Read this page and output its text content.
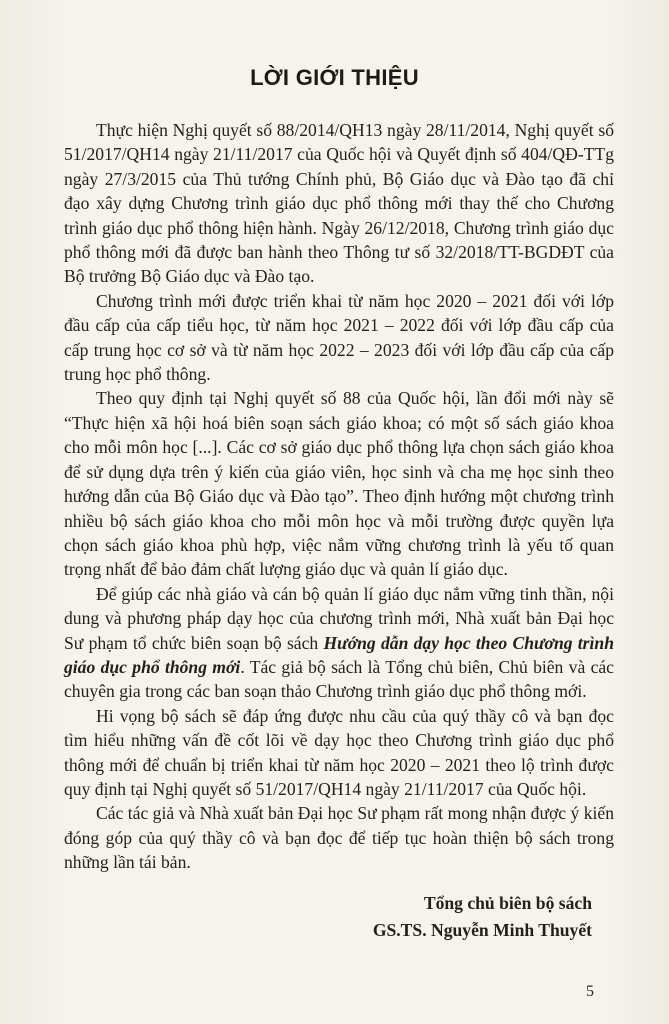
LỜI GIỚI THIỆU

Thực hiện Nghị quyết số 88/2014/QH13 ngày 28/11/2014, Nghị quyết số 51/2017/QH14 ngày 21/11/2017 của Quốc hội và Quyết định số 404/QĐ-TTg ngày 27/3/2015 của Thủ tướng Chính phủ, Bộ Giáo dục và Đào tạo đã chỉ đạo xây dựng Chương trình giáo dục phổ thông mới thay thế cho Chương trình giáo dục phổ thông hiện hành. Ngày 26/12/2018, Chương trình giáo dục phổ thông mới đã được ban hành theo Thông tư số 32/2018/TT-BGDĐT của Bộ trưởng Bộ Giáo dục và Đào tạo.

Chương trình mới được triển khai từ năm học 2020 – 2021 đối với lớp đầu cấp của cấp tiểu học, từ năm học 2021 – 2022 đối với lớp đầu cấp của cấp trung học cơ sở và từ năm học 2022 – 2023 đối với lớp đầu cấp của cấp trung học phổ thông.

Theo quy định tại Nghị quyết số 88 của Quốc hội, lần đổi mới này sẽ “Thực hiện xã hội hoá biên soạn sách giáo khoa; có một số sách giáo khoa cho mỗi môn học [...]. Các cơ sở giáo dục phổ thông lựa chọn sách giáo khoa để sử dụng dựa trên ý kiến của giáo viên, học sinh và cha mẹ học sinh theo hướng dẫn của Bộ Giáo dục và Đào tạo”. Theo định hướng một chương trình nhiều bộ sách giáo khoa cho mỗi môn học và mỗi trường được quyền lựa chọn sách giáo khoa phù hợp, việc nắm vững chương trình là yếu tố quan trọng nhất để bảo đảm chất lượng giáo dục và quản lí giáo dục.

Để giúp các nhà giáo và cán bộ quản lí giáo dục nắm vững tinh thần, nội dung và phương pháp dạy học của chương trình mới, Nhà xuất bản Đại học Sư phạm tổ chức biên soạn bộ sách Hướng dẫn dạy học theo Chương trình giáo dục phổ thông mới. Tác giả bộ sách là Tổng chủ biên, Chủ biên và các chuyên gia trong các ban soạn thảo Chương trình giáo dục phổ thông mới.

Hi vọng bộ sách sẽ đáp ứng được nhu cầu của quý thầy cô và bạn đọc tìm hiểu những vấn đề cốt lõi về dạy học theo Chương trình giáo dục phổ thông mới để chuẩn bị triển khai từ năm học 2020 – 2021 theo lộ trình được quy định tại Nghị quyết số 51/2017/QH14 ngày 21/11/2017 của Quốc hội.

Các tác giả và Nhà xuất bản Đại học Sư phạm rất mong nhận được ý kiến đóng góp của quý thầy cô và bạn đọc để tiếp tục hoàn thiện bộ sách trong những lần tái bản.

Tổng chủ biên bộ sách
GS.TS. Nguyễn Minh Thuyết
5
